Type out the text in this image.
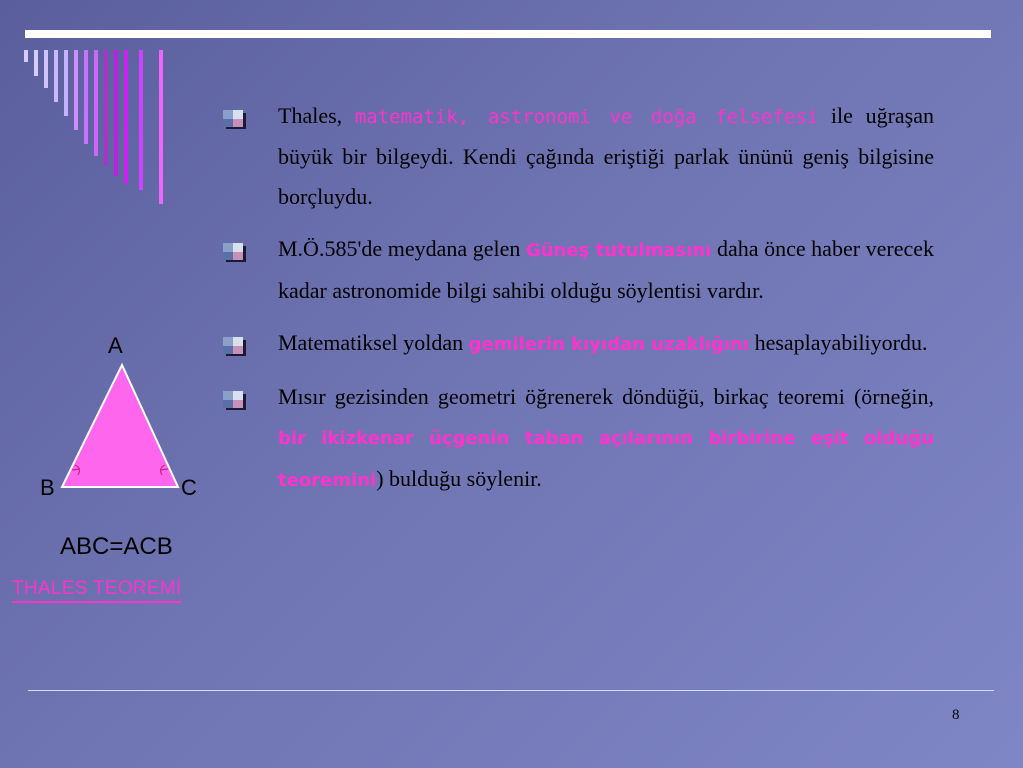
Thales, matematik, astronomi ve doğa felsefesi ile uğraşan büyük bir bilgeydi. Kendi çağında eriştiği parlak ününü geniş bilgisine borçluydu.

M.Ö.585'de meydana gelen Güneş tutulmasını daha önce haber verecek kadar astronomide bilgi sahibi olduğu söylentisi vardır.

Matematiksel yoldan gemilerin kıyıdan uzaklığını hesaplayabiliyordu.

Mısır gezisinden geometri öğrenerek döndüğü, birkaç teoremi (örneğin, bir ikizkenar üçgenin taban açılarının birbirine eşit olduğu teoremini) bulduğu söylenir.

A
B	C
ABC=ACB
THALES TEOREMİ
8
